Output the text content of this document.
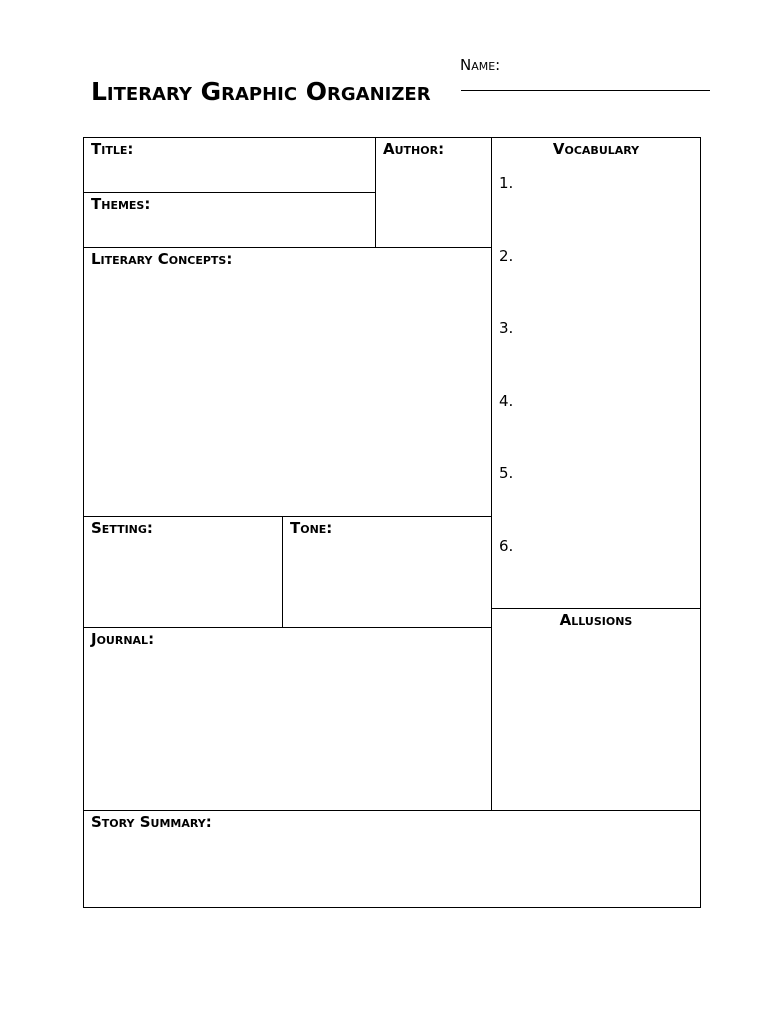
Name:
Literary Graphic Organizer
Title:
Themes:
Author:	Vocabulary
1.
2.
3.
4.
5.
6.
Literary Concepts:
Setting:	Tone:
Allusions
Journal:
Story Summary:
